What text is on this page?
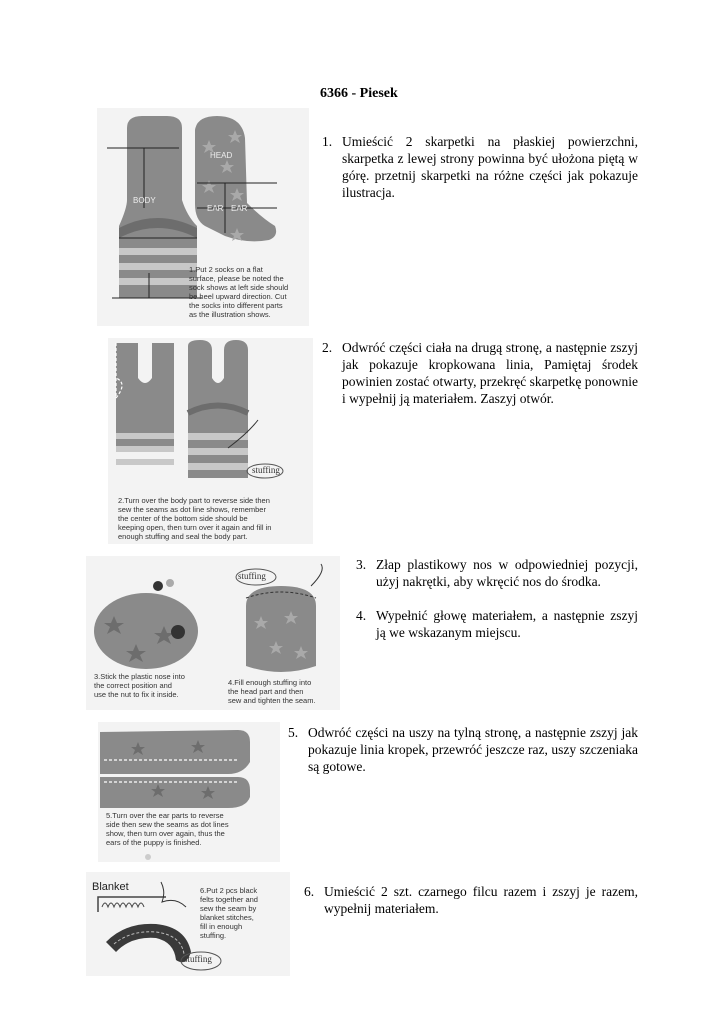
6366 - Piesek
BODY
HEAD
EAR EAR

1.Put 2 socks on a flat
surface, please be noted the
sock shows at left side should
be heel upward direction. Cut
the socks into different parts
as the illustration shows.

stuffing

2.Turn over the body part to reverse side then
sew the seams as dot line shows, remember
the center of the bottom side should be
keeping open, then turn over it again and fill in
enough stuffing and seal the body part.

stuffing

3.Stick the plastic nose into
the correct position and
use the nut to fix it inside.

4.Fill enough stuffing into
the head part and then
sew and tighten the seam.

5.Turn over the ear parts to reverse
side then sew the seams as dot lines
show, then turn over again, thus the
ears of the puppy is finished.

Blanket
stuffing

6.Put 2 pcs black
felts together and
sew the seam by
blanket stitches,
fill in enough
stuffing.

1. Umieścić 2 skarpetki na płaskiej powierzchni, skarpetka z lewej strony powinna być ułożona piętą w górę. przetnij skarpetki na różne części jak pokazuje ilustracja.
2. Odwróć części ciała na drugą stronę, a następnie zszyj jak pokazuje kropkowana linia, Pamiętaj środek powinien zostać otwarty, przekręć skarpetkę ponownie i wypełnij ją materiałem. Zaszyj otwór.
3. Złap plastikowy nos w odpowiedniej pozycji, użyj nakrętki, aby wkręcić nos do środka.
4. Wypełnić głowę materiałem, a następnie zszyj ją we wskazanym miejscu.
5. Odwróć części na uszy na tylną stronę, a następnie zszyj jak pokazuje linia kropek, przewróć jeszcze raz, uszy szczeniaka są gotowe.
6. Umieścić 2 szt. czarnego filcu razem i zszyj je razem, wypełnij materiałem.
